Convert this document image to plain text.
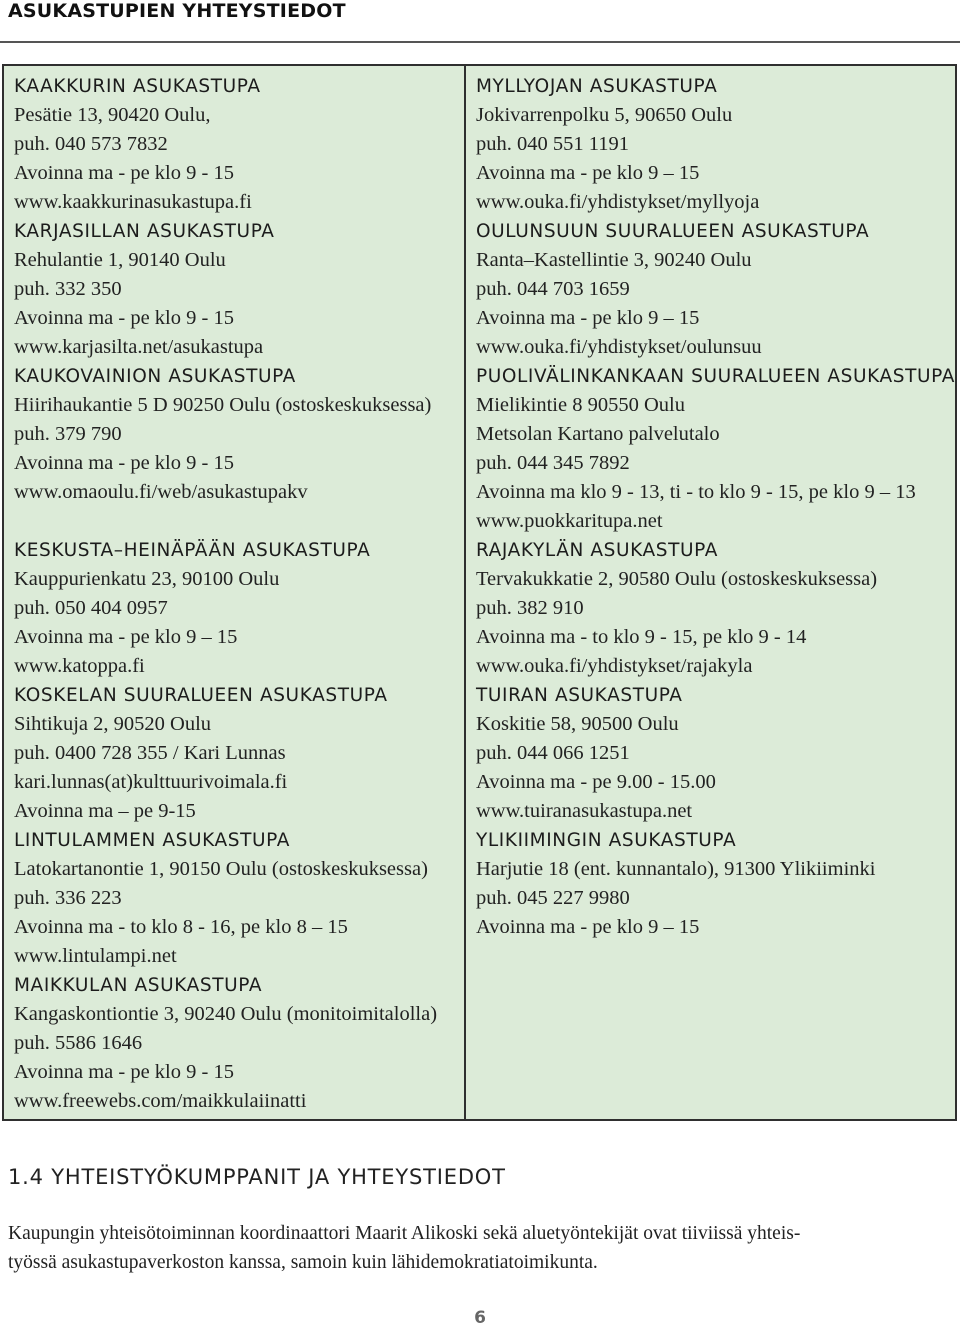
ASUKASTUPIEN YHTEYSTIEDOT
KAAKKURIN ASUKASTUPA
Pesätie 13, 90420 Oulu,
puh. 040 573 7832
Avoinna ma - pe klo 9 - 15
www.kaakkurinasukastupa.fi
KARJASILLAN ASUKASTUPA
Rehulantie 1, 90140 Oulu
puh. 332 350
Avoinna ma - pe klo 9 - 15
www.karjasilta.net/asukastupa
KAUKOVAINION ASUKASTUPA
Hiirihaukantie 5 D 90250 Oulu (ostoskeskuksessa)
puh. 379 790
Avoinna ma - pe klo 9 - 15
www.omaoulu.fi/web/asukastupakv
KESKUSTA–HEINÄPÄÄN ASUKASTUPA
Kauppurienkatu 23, 90100 Oulu
puh. 050 404 0957
Avoinna ma - pe klo 9 – 15
www.katoppa.fi
KOSKELAN SUURALUEEN ASUKASTUPA
Sihtikuja 2, 90520 Oulu
puh. 0400 728 355 / Kari Lunnas
kari.lunnas(at)kulttuurivoimala.fi
Avoinna ma – pe 9-15
LINTULAMMEN ASUKASTUPA
Latokartanontie 1, 90150 Oulu (ostoskeskuksessa)
puh. 336 223
Avoinna ma - to klo 8 - 16, pe klo 8 – 15
www.lintulampi.net
MAIKKULAN ASUKASTUPA
Kangaskontiontie 3, 90240 Oulu (monitoimitalolla)
puh. 5586 1646
Avoinna ma - pe klo 9 - 15
www.freewebs.com/maikkulaiinatti
MYLLYOJAN ASUKASTUPA
Jokivarrenpolku 5, 90650 Oulu
puh. 040 551 1191
Avoinna ma - pe klo 9 – 15
www.ouka.fi/yhdistykset/myllyoja
OULUNSUUN SUURALUEEN ASUKASTUPA
Ranta–Kastellintie 3, 90240 Oulu
puh. 044 703 1659
Avoinna ma - pe klo 9 – 15
www.ouka.fi/yhdistykset/oulunsuu
PUOLIVÄLINKANKAAN SUURALUEEN ASUKASTUPA
Mielikintie 8 90550 Oulu
Metsolan Kartano palvelutalo
puh. 044 345 7892
Avoinna ma klo 9 - 13, ti - to klo 9 - 15, pe klo 9 – 13
www.puokkaritupa.net
RAJAKYLÄN ASUKASTUPA
Tervakukkatie 2, 90580 Oulu (ostoskeskuksessa)
puh. 382 910
Avoinna ma - to klo 9 - 15, pe klo 9 - 14
www.ouka.fi/yhdistykset/rajakyla
TUIRAN ASUKASTUPA
Koskitie 58, 90500 Oulu
puh. 044 066 1251
Avoinna ma - pe 9.00 - 15.00
www.tuiranasukastupa.net
YLIKIIMINGIN ASUKASTUPA
Harjutie 18 (ent. kunnantalo), 91300 Ylikiiminki
puh. 045 227 9980
Avoinna ma - pe klo 9 – 15
1.4 YHTEISTYÖKUMPPANIT JA YHTEYSTIEDOT
Kaupungin yhteisötoiminnan koordinaattori Maarit Alikoski sekä aluetyöntekijät ovat tiiviissä yhteis-
työssä asukastupaverkoston kanssa, samoin kuin lähidemokratiatoimikunta.
6
